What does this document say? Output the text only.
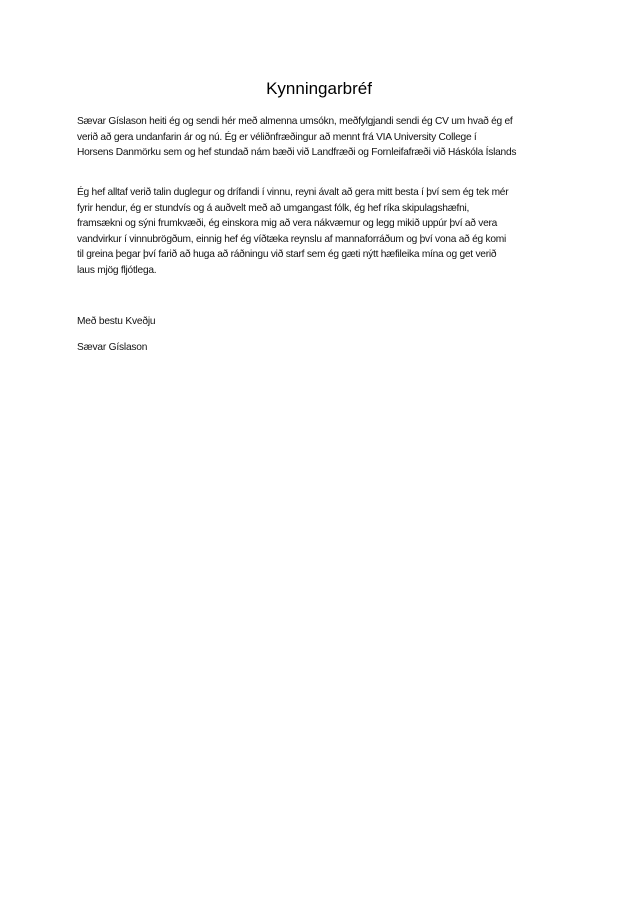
Kynningarbréf

Sævar Gíslason heiti ég og sendi hér með almenna umsókn, meðfylgjandi sendi ég CV um hvað ég ef
verið að gera undanfarin ár og nú. Ég er véliðnfræðingur að mennt frá VIA University College í
Horsens Danmörku sem og hef stundað nám bæði við Landfræði og Fornleifafræði við Háskóla Íslands

Ég hef alltaf verið talin duglegur og drífandi í vinnu, reyni ávalt að gera mitt besta í því sem ég tek mér
fyrir hendur, ég er stundvís og á auðvelt með að umgangast fólk, ég hef ríka skipulagshæfni,
framsækni og sýni frumkvæði, ég einskora mig að vera nákvæmur og legg mikið uppúr því að vera
vandvirkur í vinnubrögðum, einnig hef ég víðtæka reynslu af mannaforráðum og því vona að ég komi
til greina þegar því farið að huga að ráðningu við starf sem ég gæti nýtt hæfileika mína og get verið
laus mjög fljótlega.

Með bestu Kveðju

Sævar Gíslason
